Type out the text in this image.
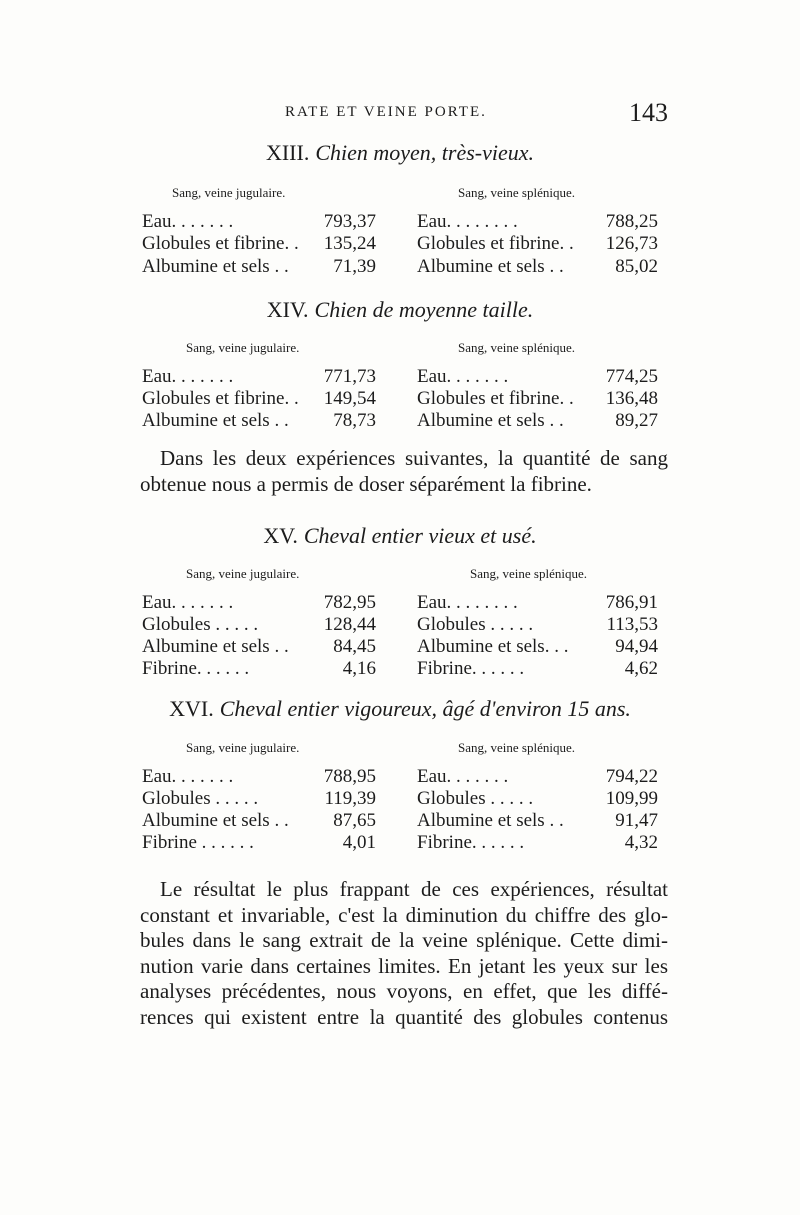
RATE ET VEINE PORTE.	143
XIII. Chien moyen, très-vieux.
Sang, veine jugulaire.	Sang, veine splénique.
Eau. . . . . . .	793,37
Globules et fibrine. . 135,24
Albumine et sels . . 71,39
Eau. . . . . . . .	788,25
Globules et fibrine. . 126,73
Albumine et sels . .	85,02
XIV. Chien de moyenne taille.
Sang, veine jugulaire.	Sang, veine splénique.
Eau. . . . . . .	771,73
Globules et fibrine. . 149,54
Albumine et sels . . 78,73
Eau. . . . . . .	774,25
Globules et fibrine. . 136,48
Albumine et sels . .	89,27
Dans les deux expériences suivantes, la quantité de sang
obtenue nous a permis de doser séparément la fibrine.
XV. Cheval entier vieux et usé.
Sang, veine jugulaire.	Sang, veine splénique.
Eau. . . . . . .	782,95
Globules . . . . .	128,44
Albumine et sels . . 84,45
Fibrine. . . . . .	4,16
Eau. . . . . . . .	786,91
Globules . . . . .	113,53
Albumine et sels. . . 94,94
Fibrine. . . . . .	4,62
XVI. Cheval entier vigoureux, âgé d'environ 15 ans.
Sang, veine jugulaire.	Sang, veine splénique.
Eau. . . . . . .	788,95
Globules . . . . .	119,39
Albumine et sels . . 87,65
Fibrine . . . . . .	4,01
Eau. . . . . . .	794,22
Globules . . . . .	109,99
Albumine et sels . .	91,47
Fibrine. . . . . .	4,32
Le résultat le plus frappant de ces expériences, résultat
constant et invariable, c'est la diminution du chiffre des glo-
bules dans le sang extrait de la veine splénique. Cette dimi-
nution varie dans certaines limites. En jetant les yeux sur les
analyses précédentes, nous voyons, en effet, que les diffé-
rences qui existent entre la quantité des globules contenus
